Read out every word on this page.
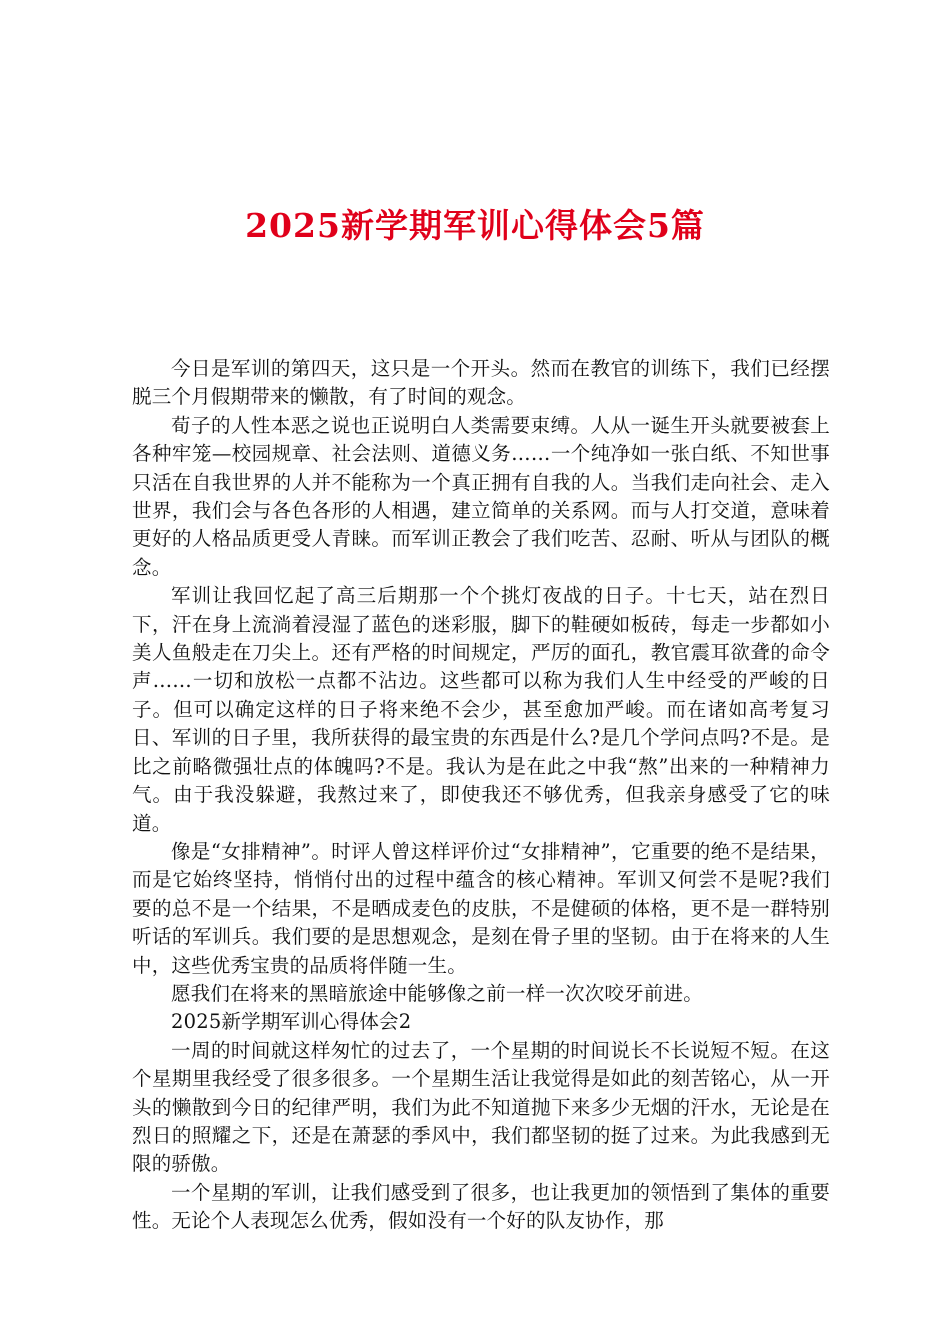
2025新学期军训心得体会5篇

今日是军训的第四天，这只是一个开头。然而在教官的训练下，我们已经摆脱三个月假期带来的懒散，有了时间的观念。

荀子的人性本恶之说也正说明白人类需要束缚。人从一诞生开头就要被套上各种牢笼—校园规章、社会法则、道德义务……一个纯净如一张白纸、不知世事只活在自我世界的人并不能称为一个真正拥有自我的人。当我们走向社会、走入世界，我们会与各色各形的人相遇，建立简单的关系网。而与人打交道，意味着更好的人格品质更受人青睐。而军训正教会了我们吃苦、忍耐、听从与团队的概念。

军训让我回忆起了高三后期那一个个挑灯夜战的日子。十七天，站在烈日下，汗在身上流淌着浸湿了蓝色的迷彩服，脚下的鞋硬如板砖，每走一步都如小美人鱼般走在刀尖上。还有严格的时间规定，严厉的面孔，教官震耳欲聋的命令声……一切和放松一点都不沾边。这些都可以称为我们人生中经受的严峻的日子。但可以确定这样的日子将来绝不会少，甚至愈加严峻。而在诸如高考复习日、军训的日子里，我所获得的最宝贵的东西是什么?是几个学问点吗?不是。是比之前略微强壮点的体魄吗?不是。我认为是在此之中我“熬”出来的一种精神力气。由于我没躲避，我熬过来了，即使我还不够优秀，但我亲身感受了它的味道。

像是“女排精神”。时评人曾这样评价过“女排精神”，它重要的绝不是结果，而是它始终坚持，悄悄付出的过程中蕴含的核心精神。军训又何尝不是呢?我们要的总不是一个结果，不是晒成麦色的皮肤，不是健硕的体格，更不是一群特别听话的军训兵。我们要的是思想观念，是刻在骨子里的坚韧。由于在将来的人生中，这些优秀宝贵的品质将伴随一生。

愿我们在将来的黑暗旅途中能够像之前一样一次次咬牙前进。

2025新学期军训心得体会2

一周的时间就这样匆忙的过去了，一个星期的时间说长不长说短不短。在这个星期里我经受了很多很多。一个星期生活让我觉得是如此的刻苦铭心，从一开头的懒散到今日的纪律严明，我们为此不知道抛下来多少无烟的汗水，无论是在烈日的照耀之下，还是在萧瑟的季风中，我们都坚韧的挺了过来。为此我感到无限的骄傲。

一个星期的军训，让我们感受到了很多，也让我更加的领悟到了集体的重要性。无论个人表现怎么优秀，假如没有一个好的队友协作，那
